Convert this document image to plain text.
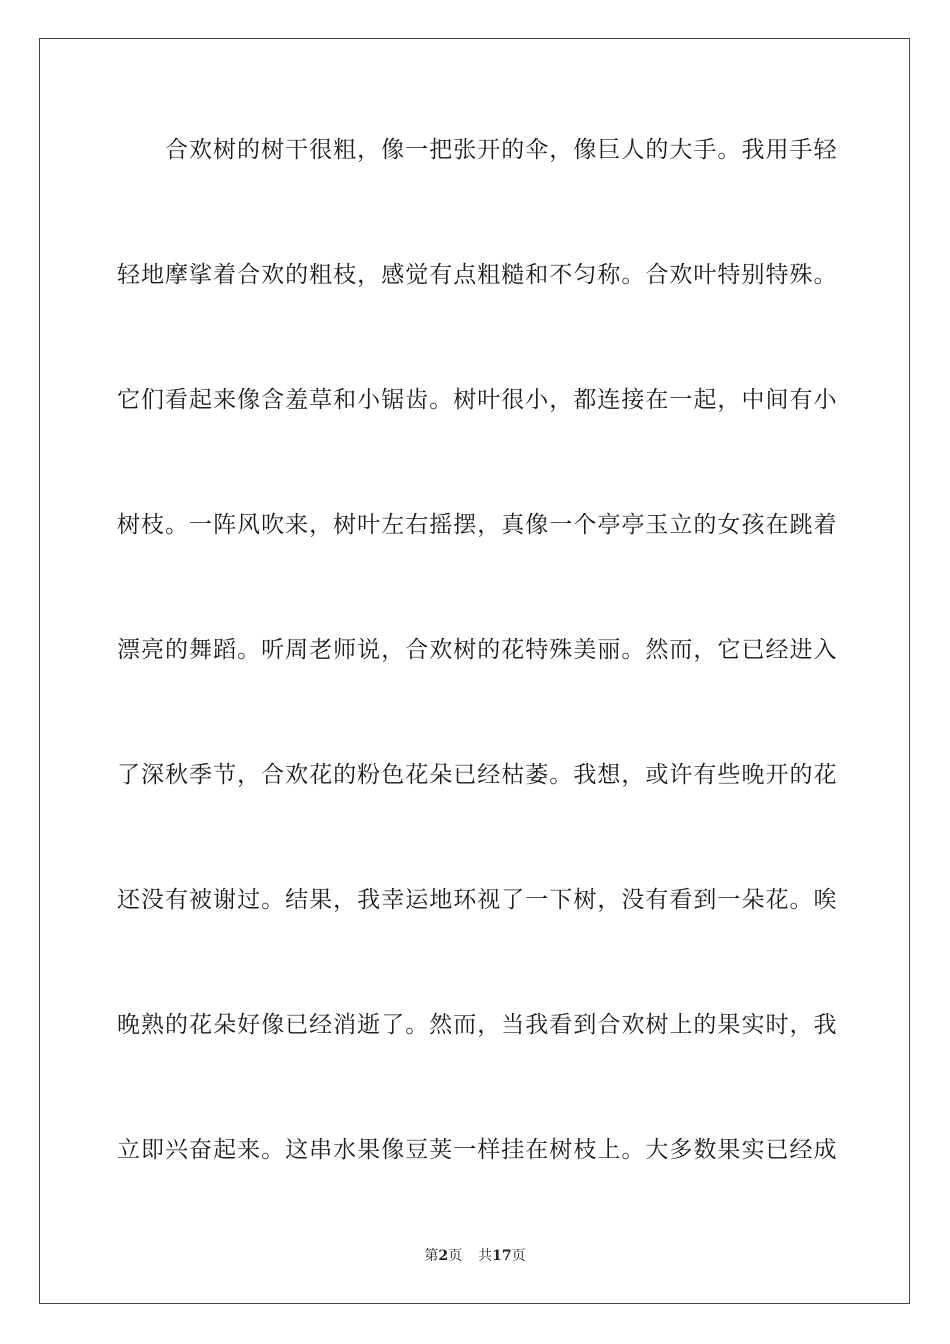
合欢树的树干很粗，像一把张开的伞，像巨人的大手。我用手轻
轻地摩挲着合欢的粗枝，感觉有点粗糙和不匀称。合欢叶特别特殊。
它们看起来像含羞草和小锯齿。树叶很小，都连接在一起，中间有小
树枝。一阵风吹来，树叶左右摇摆，真像一个亭亭玉立的女孩在跳着
漂亮的舞蹈。听周老师说，合欢树的花特殊美丽。然而，它已经进入
了深秋季节，合欢花的粉色花朵已经枯萎。我想，或许有些晚开的花
还没有被谢过。结果，我幸运地环视了一下树，没有看到一朵花。唉
晚熟的花朵好像已经消逝了。然而，当我看到合欢树上的果实时，我
立即兴奋起来。这串水果像豆荚一样挂在树枝上。大多数果实已经成
第2页 共17页
